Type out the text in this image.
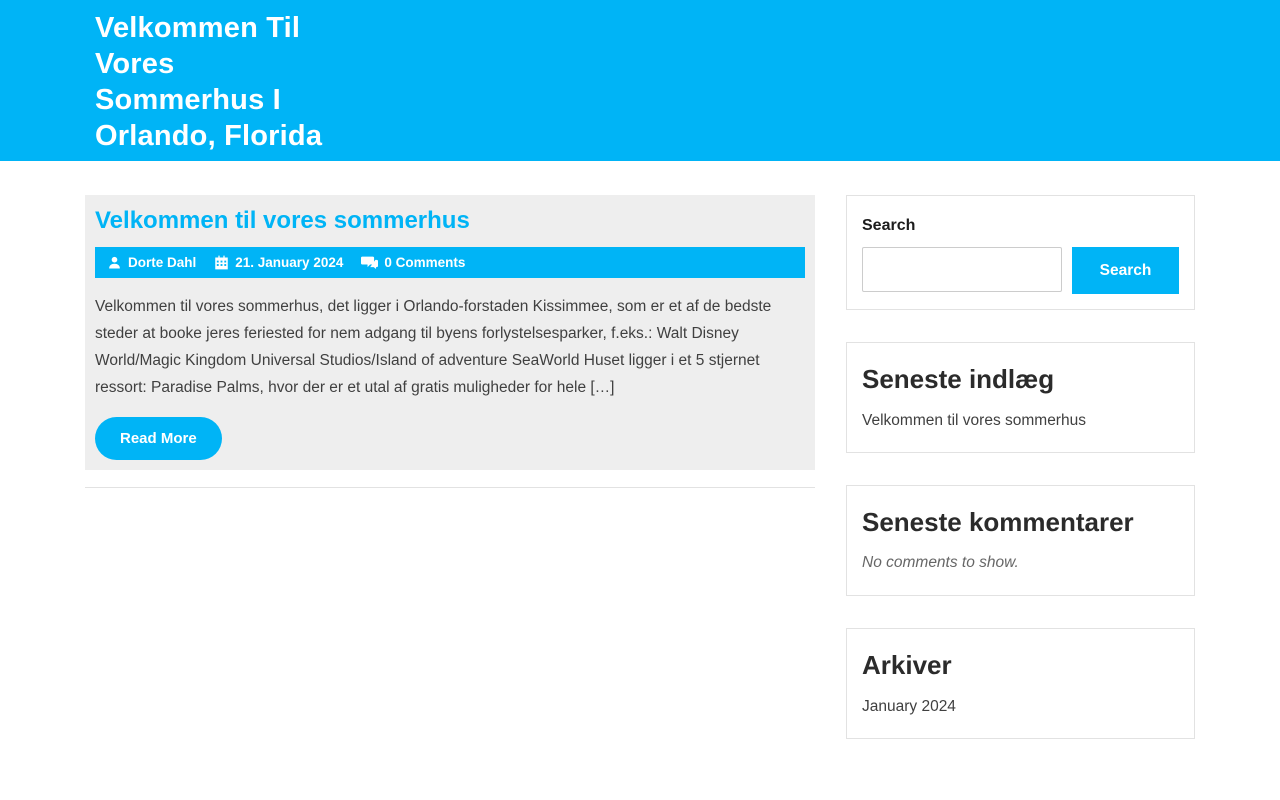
Velkommen Til
Vores
Sommerhus I
Orlando, Florida
Velkommen til vores sommerhus
Dorte Dahl	21. January 2024	0 Comments

Velkommen til vores sommerhus, det ligger i Orlando-forstaden Kissimmee, som er et af de bedste steder at booke jeres feriested for nem adgang til byens forlystelsesparker, f.eks.: Walt Disney World/Magic Kingdom Universal Studios/Island of adventure SeaWorld Huset ligger i et 5 stjernet ressort: Paradise Palms, hvor der er et utal af gratis muligheder for hele […]

Read More
Search
Search
Seneste indlæg
Velkommen til vores sommerhus
Seneste kommentarer

No comments to show.

Arkiver
January 2024
